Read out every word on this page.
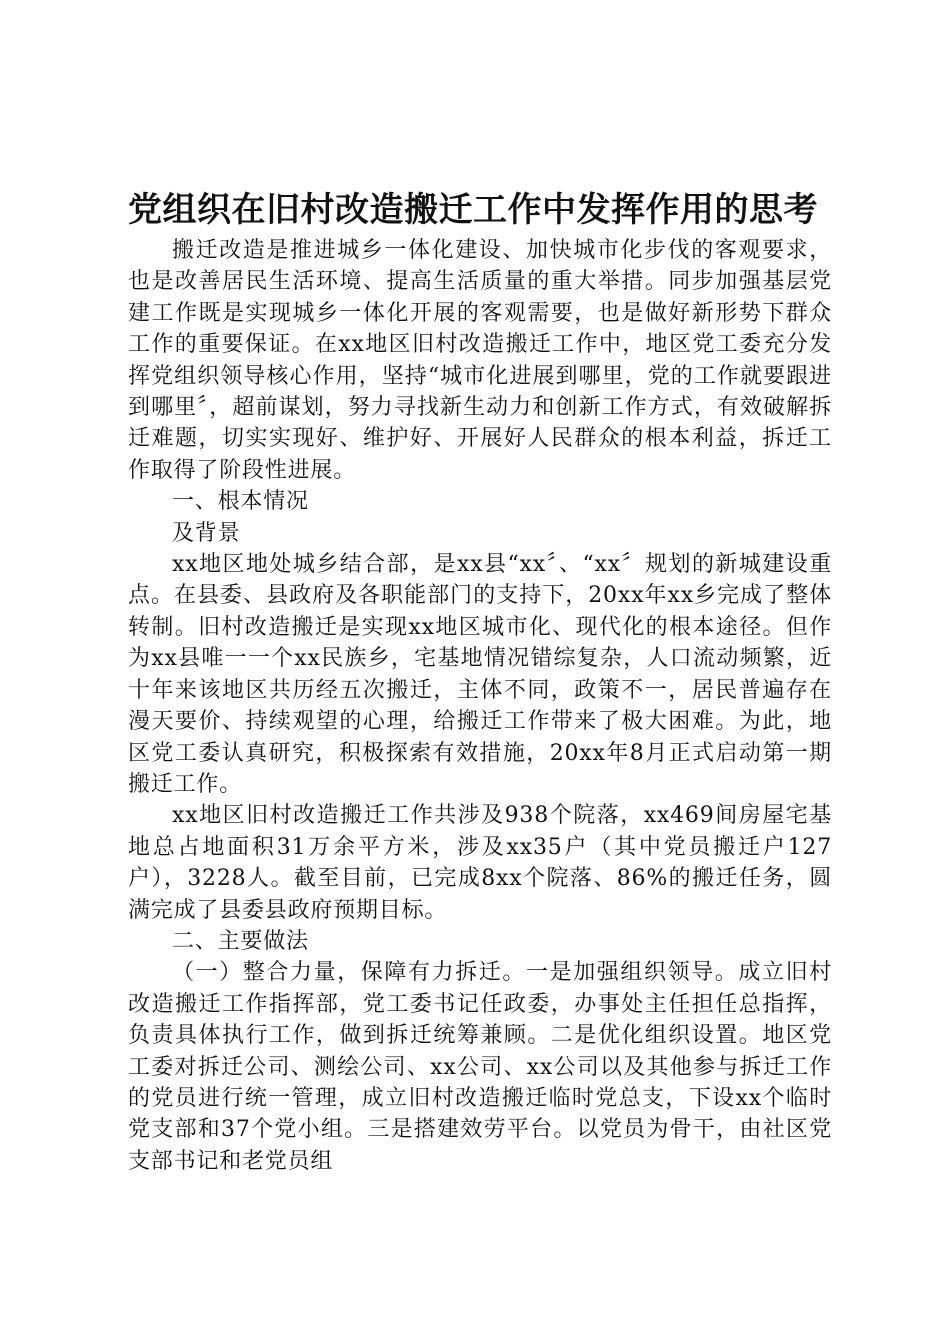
党组织在旧村改造搬迁工作中发挥作用的思考

搬迁改造是推进城乡一体化建设、加快城市化步伐的客观要求，也是改善居民生活环境、提高生活质量的重大举措。同步加强基层党建工作既是实现城乡一体化开展的客观需要，也是做好新形势下群众工作的重要保证。在xx地区旧村改造搬迁工作中，地区党工委充分发挥党组织领导核心作用，坚持“城市化进展到哪里，党的工作就要跟进到哪里〞，超前谋划，努力寻找新生动力和创新工作方式，有效破解拆迁难题，切实实现好、维护好、开展好人民群众的根本利益，拆迁工作取得了阶段性进展。

一、根本情况

及背景

xx地区地处城乡结合部，是xx县“xx〞、“xx〞规划的新城建设重点。在县委、县政府及各职能部门的支持下，20xx年xx乡完成了整体转制。旧村改造搬迁是实现xx地区城市化、现代化的根本途径。但作为xx县唯一一个xx民族乡，宅基地情况错综复杂，人口流动频繁，近十年来该地区共历经五次搬迁，主体不同，政策不一，居民普遍存在漫天要价、持续观望的心理，给搬迁工作带来了极大困难。为此，地区党工委认真研究，积极探索有效措施，20xx年8月正式启动第一期搬迁工作。

xx地区旧村改造搬迁工作共涉及938个院落，xx469间房屋宅基地总占地面积31万余平方米，涉及xx35户（其中党员搬迁户127户），3228人。截至目前，已完成8xx个院落、86%的搬迁任务，圆满完成了县委县政府预期目标。

二、主要做法

（一）整合力量，保障有力拆迁。一是加强组织领导。成立旧村改造搬迁工作指挥部，党工委书记任政委，办事处主任担任总指挥，负责具体执行工作，做到拆迁统筹兼顾。二是优化组织设置。地区党工委对拆迁公司、测绘公司、xx公司、xx公司以及其他参与拆迁工作的党员进行统一管理，成立旧村改造搬迁临时党总支，下设xx个临时党支部和37个党小组。三是搭建效劳平台。以党员为骨干，由社区党支部书记和老党员组
